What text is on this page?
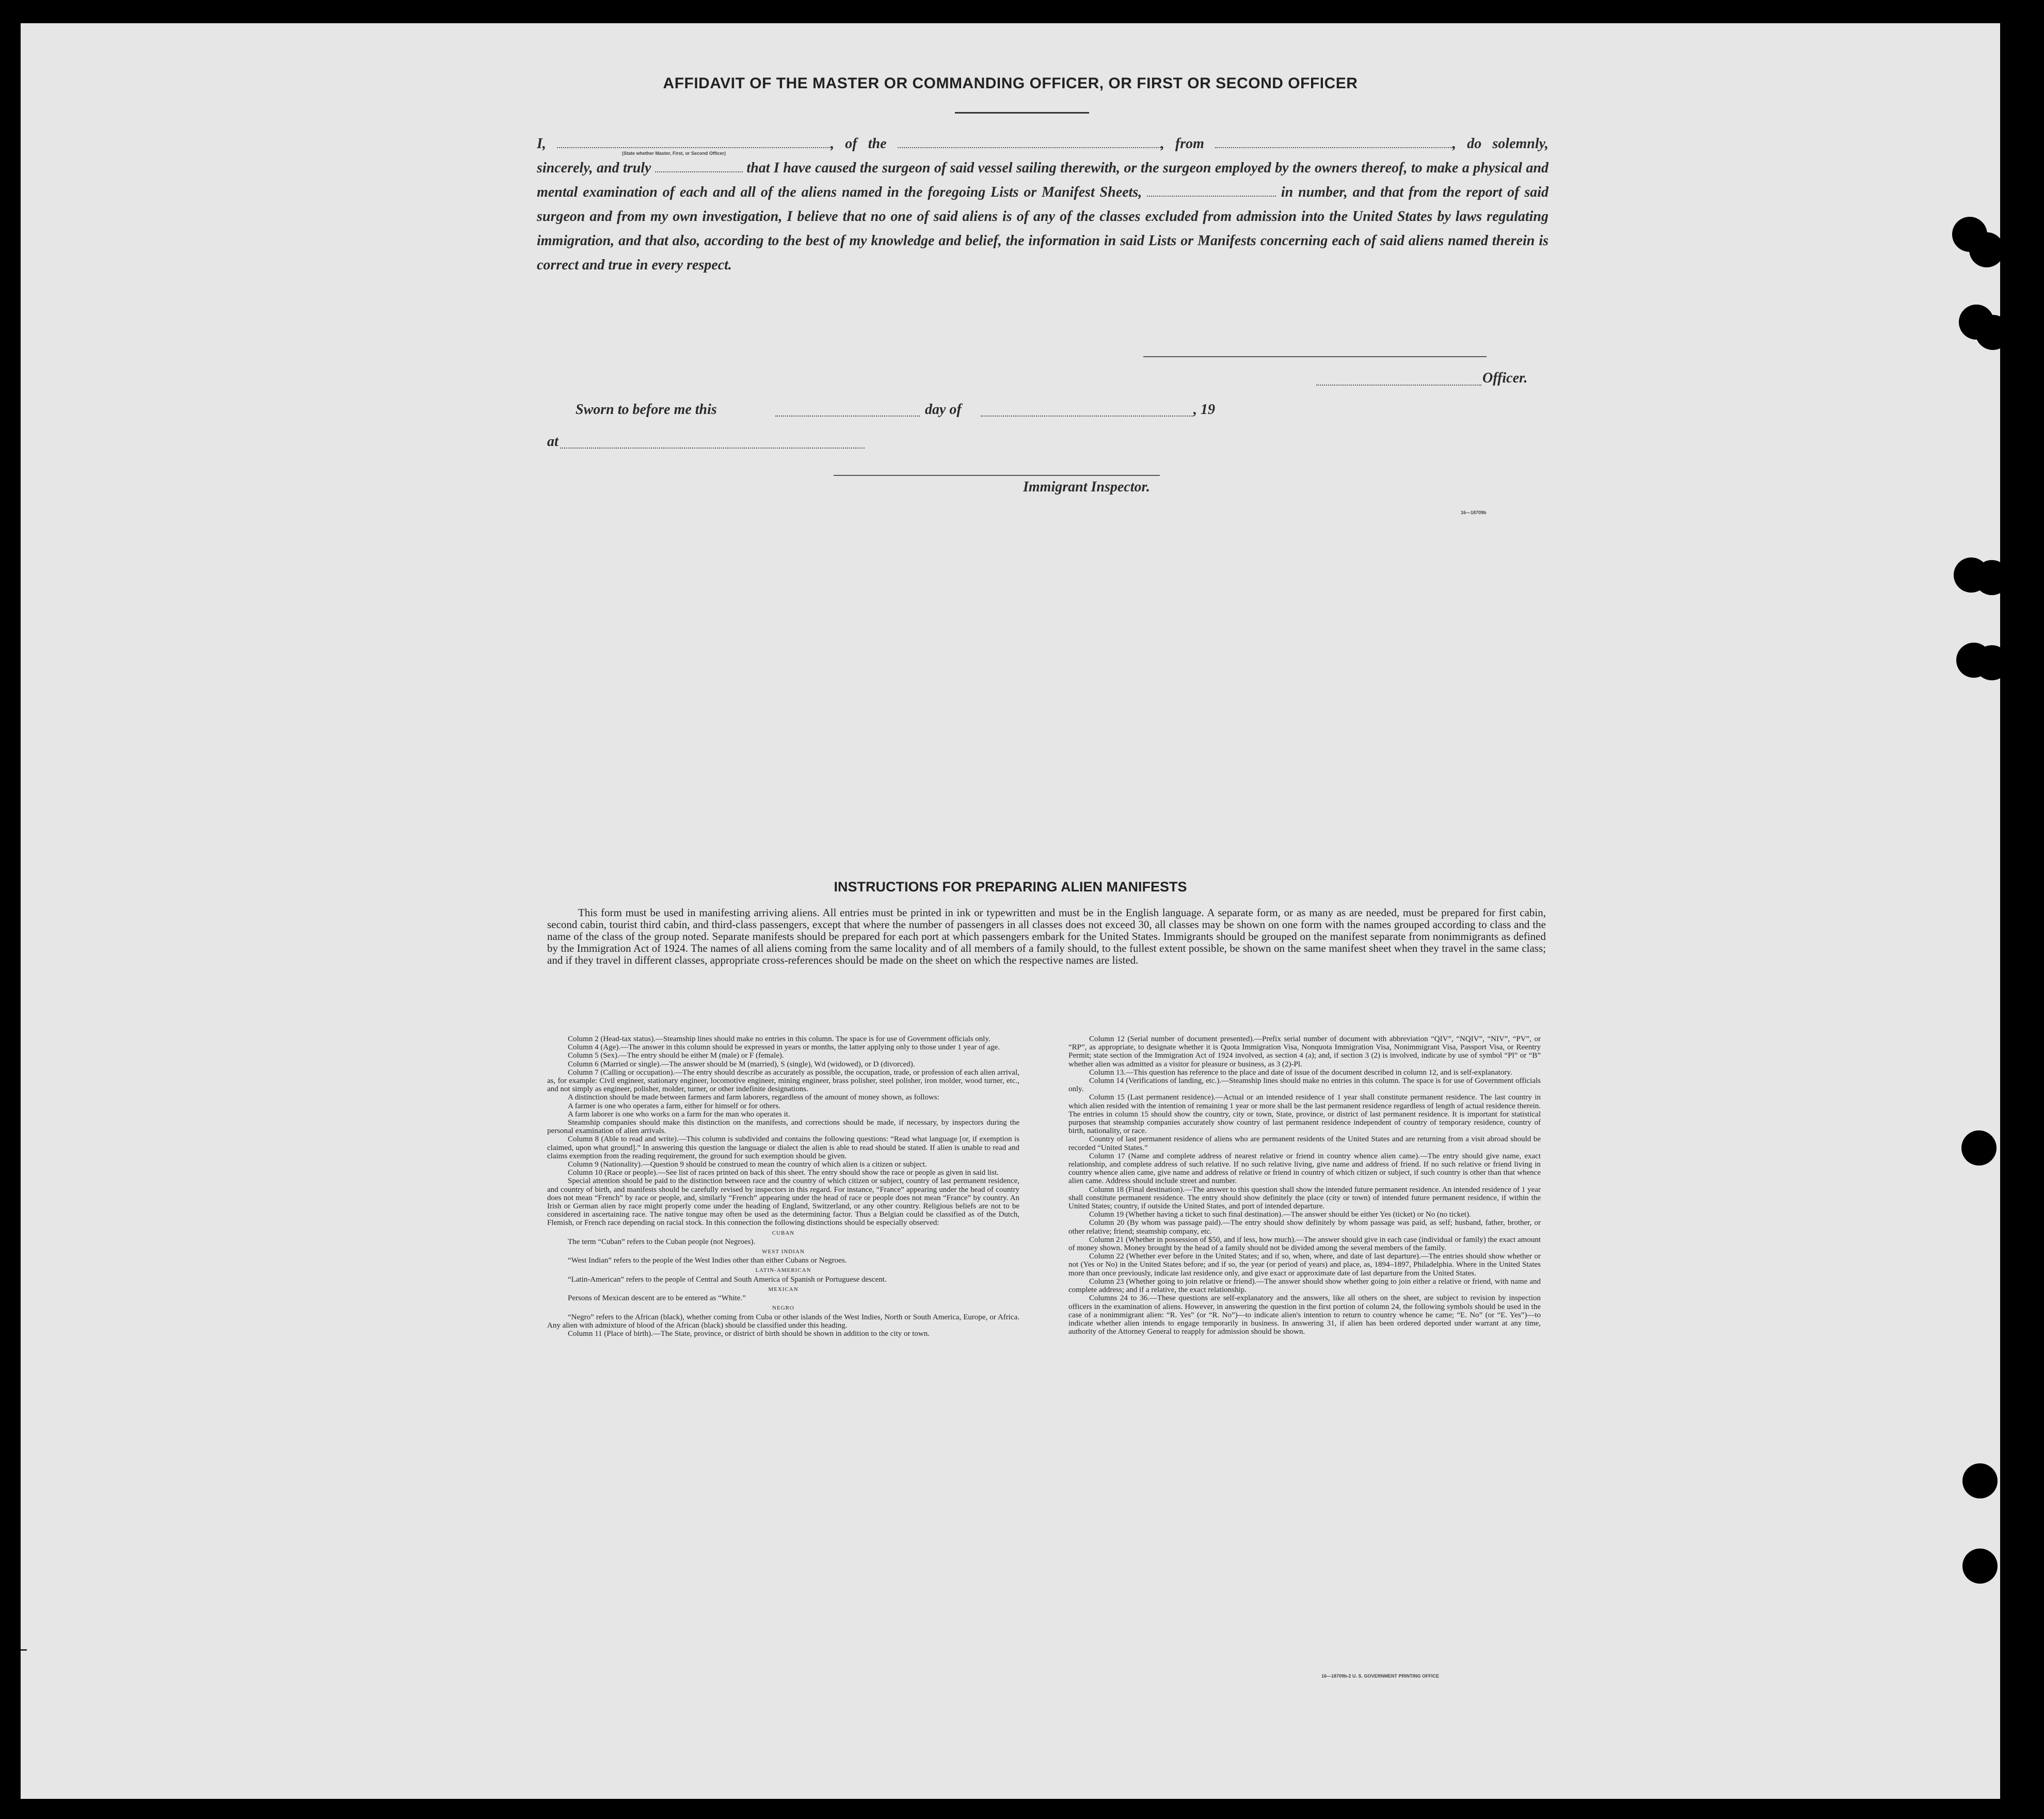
AFFIDAVIT OF THE MASTER OR COMMANDING OFFICER, OR FIRST OR SECOND OFFICER
I,	, of the	, from	, do solemnly, sincerely, and truly	that I have caused the surgeon of said vessel sailing therewith, or the surgeon employed by the owners thereof, to make a physical and mental examination of each and all of the aliens named in the foregoing Lists or Manifest Sheets,	in number, and that from the report of said surgeon and from my own investigation, I believe that no one of said aliens is of any of the classes excluded from admission into the United States by laws regulating immigration, and that also, according to the best of my knowledge and belief, the information in said Lists or Manifests concerning each of said aliens named therein is correct and true in every respect.
(State whether Master, First, or Second Officer)
Officer.
Sworn to before me this	day of	, 19
at
Immigrant Inspector.
16—18709b
INSTRUCTIONS FOR PREPARING ALIEN MANIFESTS
This form must be used in manifesting arriving aliens. All entries must be printed in ink or typewritten and must be in the English language. A separate form, or as many as are needed, must be prepared for first cabin, second cabin, tourist third cabin, and third-class passengers, except that where the number of passengers in all classes does not exceed 30, all classes may be shown on one form with the names grouped according to class and the name of the class of the group noted. Separate manifests should be prepared for each port at which passengers embark for the United States. Immigrants should be grouped on the manifest separate from nonimmigrants as defined by the Immigration Act of 1924. The names of all aliens coming from the same locality and of all members of a family should, to the fullest extent possible, be shown on the same manifest sheet when they travel in the same class; and if they travel in different classes, appropriate cross-references should be made on the sheet on which the respective names are listed.

Column 2 (Head-tax status).—Steamship lines should make no entries in this column. The space is for use of Government officials only.

Column 4 (Age).—The answer in this column should be expressed in years or months, the latter applying only to those under 1 year of age.

Column 5 (Sex).—The entry should be either M (male) or F (female).

Column 6 (Married or single).—The answer should be M (married), S (single), Wd (widowed), or D (divorced).

Column 7 (Calling or occupation).—The entry should describe as accurately as possible, the occupation, trade, or profession of each alien arrival, as, for example: Civil engineer, stationary engineer, locomotive engineer, mining engineer, brass polisher, steel polisher, iron molder, wood turner, etc., and not simply as engineer, polisher, molder, turner, or other indefinite designations.

A distinction should be made between farmers and farm laborers, regardless of the amount of money shown, as follows:

A farmer is one who operates a farm, either for himself or for others.

A farm laborer is one who works on a farm for the man who operates it.

Steamship companies should make this distinction on the manifests, and corrections should be made, if necessary, by inspectors during the personal examination of alien arrivals.

Column 8 (Able to read and write).—This column is subdivided and contains the following questions: “Read what language [or, if exemption is claimed, upon what ground].” In answering this question the language or dialect the alien is able to read should be stated. If alien is unable to read and claims exemption from the reading requirement, the ground for such exemption should be given.

Column 9 (Nationality).—Question 9 should be construed to mean the country of which alien is a citizen or subject.

Column 10 (Race or people).—See list of races printed on back of this sheet. The entry should show the race or people as given in said list.

Special attention should be paid to the distinction between race and the country of which citizen or subject, country of last permanent residence, and country of birth, and manifests should be carefully revised by inspectors in this regard. For instance, “France” appearing under the head of country does not mean “French” by race or people, and, similarly “French” appearing under the head of race or people does not mean “France” by country. An Irish or German alien by race might properly come under the heading of England, Switzerland, or any other country. Religious beliefs are not to be considered in ascertaining race. The native tongue may often be used as the determining factor. Thus a Belgian could be classified as of the Dutch, Flemish, or French race depending on racial stock. In this connection the following distinctions should be especially observed:

CUBAN

The term “Cuban” refers to the Cuban people (not Negroes).

WEST INDIAN

“West Indian” refers to the people of the West Indies other than either Cubans or Negroes.

LATIN-AMERICAN

“Latin-American” refers to the people of Central and South America of Spanish or Portuguese descent.

MEXICAN

Persons of Mexican descent are to be entered as “White.”

NEGRO

“Negro” refers to the African (black), whether coming from Cuba or other islands of the West Indies, North or South America, Europe, or Africa. Any alien with admixture of blood of the African (black) should be classified under this heading.

Column 11 (Place of birth).—The State, province, or district of birth should be shown in addition to the city or town.

Column 12 (Serial number of document presented).—Prefix serial number of document with abbreviation “QIV”, “NQIV”, “NIV”, “PV”, or “RP”, as appropriate, to designate whether it is Quota Immigration Visa, Nonquota Immigration Visa, Nonimmigrant Visa, Passport Visa, or Reentry Permit; state section of the Immigration Act of 1924 involved, as section 4 (a); and, if section 3 (2) is involved, indicate by use of symbol “Pl” or “B” whether alien was admitted as a visitor for pleasure or business, as 3 (2)-Pl.

Column 13.—This question has reference to the place and date of issue of the document described in column 12, and is self-explanatory.

Column 14 (Verifications of landing, etc.).—Steamship lines should make no entries in this column. The space is for use of Government officials only.

Column 15 (Last permanent residence).—Actual or an intended residence of 1 year shall constitute permanent residence. The last country in which alien resided with the intention of remaining 1 year or more shall be the last permanent residence regardless of length of actual residence therein. The entries in column 15 should show the country, city or town, State, province, or district of last permanent residence. It is important for statistical purposes that steamship companies accurately show country of last permanent residence independent of country of temporary residence, country of birth, nationality, or race.

Country of last permanent residence of aliens who are permanent residents of the United States and are returning from a visit abroad should be recorded “United States.”

Column 17 (Name and complete address of nearest relative or friend in country whence alien came).—The entry should give name, exact relationship, and complete address of such relative. If no such relative living, give name and address of friend. If no such relative or friend living in country whence alien came, give name and address of relative or friend in country of which citizen or subject, if such country is other than that whence alien came. Address should include street and number.

Column 18 (Final destination).—The answer to this question shall show the intended future permanent residence. An intended residence of 1 year shall constitute permanent residence. The entry should show definitely the place (city or town) of intended future permanent residence, if within the United States; country, if outside the United States, and port of intended departure.

Column 19 (Whether having a ticket to such final destination).—The answer should be either Yes (ticket) or No (no ticket).

Column 20 (By whom was passage paid).—The entry should show definitely by whom passage was paid, as self; husband, father, brother, or other relative; friend; steamship company, etc.

Column 21 (Whether in possession of $50, and if less, how much).—The answer should give in each case (individual or family) the exact amount of money shown. Money brought by the head of a family should not be divided among the several members of the family.

Column 22 (Whether ever before in the United States; and if so, when, where, and date of last departure).—The entries should show whether or not (Yes or No) in the United States before; and if so, the year (or period of years) and place, as, 1894–1897, Philadelphia. Where in the United States more than once previously, indicate last residence only, and give exact or approximate date of last departure from the United States.

Column 23 (Whether going to join relative or friend).—The answer should show whether going to join either a relative or friend, with name and complete address; and if a relative, the exact relationship.

Columns 24 to 36.—These questions are self-explanatory and the answers, like all others on the sheet, are subject to revision by inspection officers in the examination of aliens. However, in answering the question in the first portion of column 24, the following symbols should be used in the case of a nonimmigrant alien: “R. Yes” (or “R. No”)—to indicate alien's intention to return to country whence he came; “E. No” (or “E. Yes”)—to indicate whether alien intends to engage temporarily in business. In answering 31, if alien has been ordered deported under warrant at any time, authority of the Attorney General to reapply for admission should be shown.

16—18709b-2 U. S. GOVERNMENT PRINTING OFFICE
